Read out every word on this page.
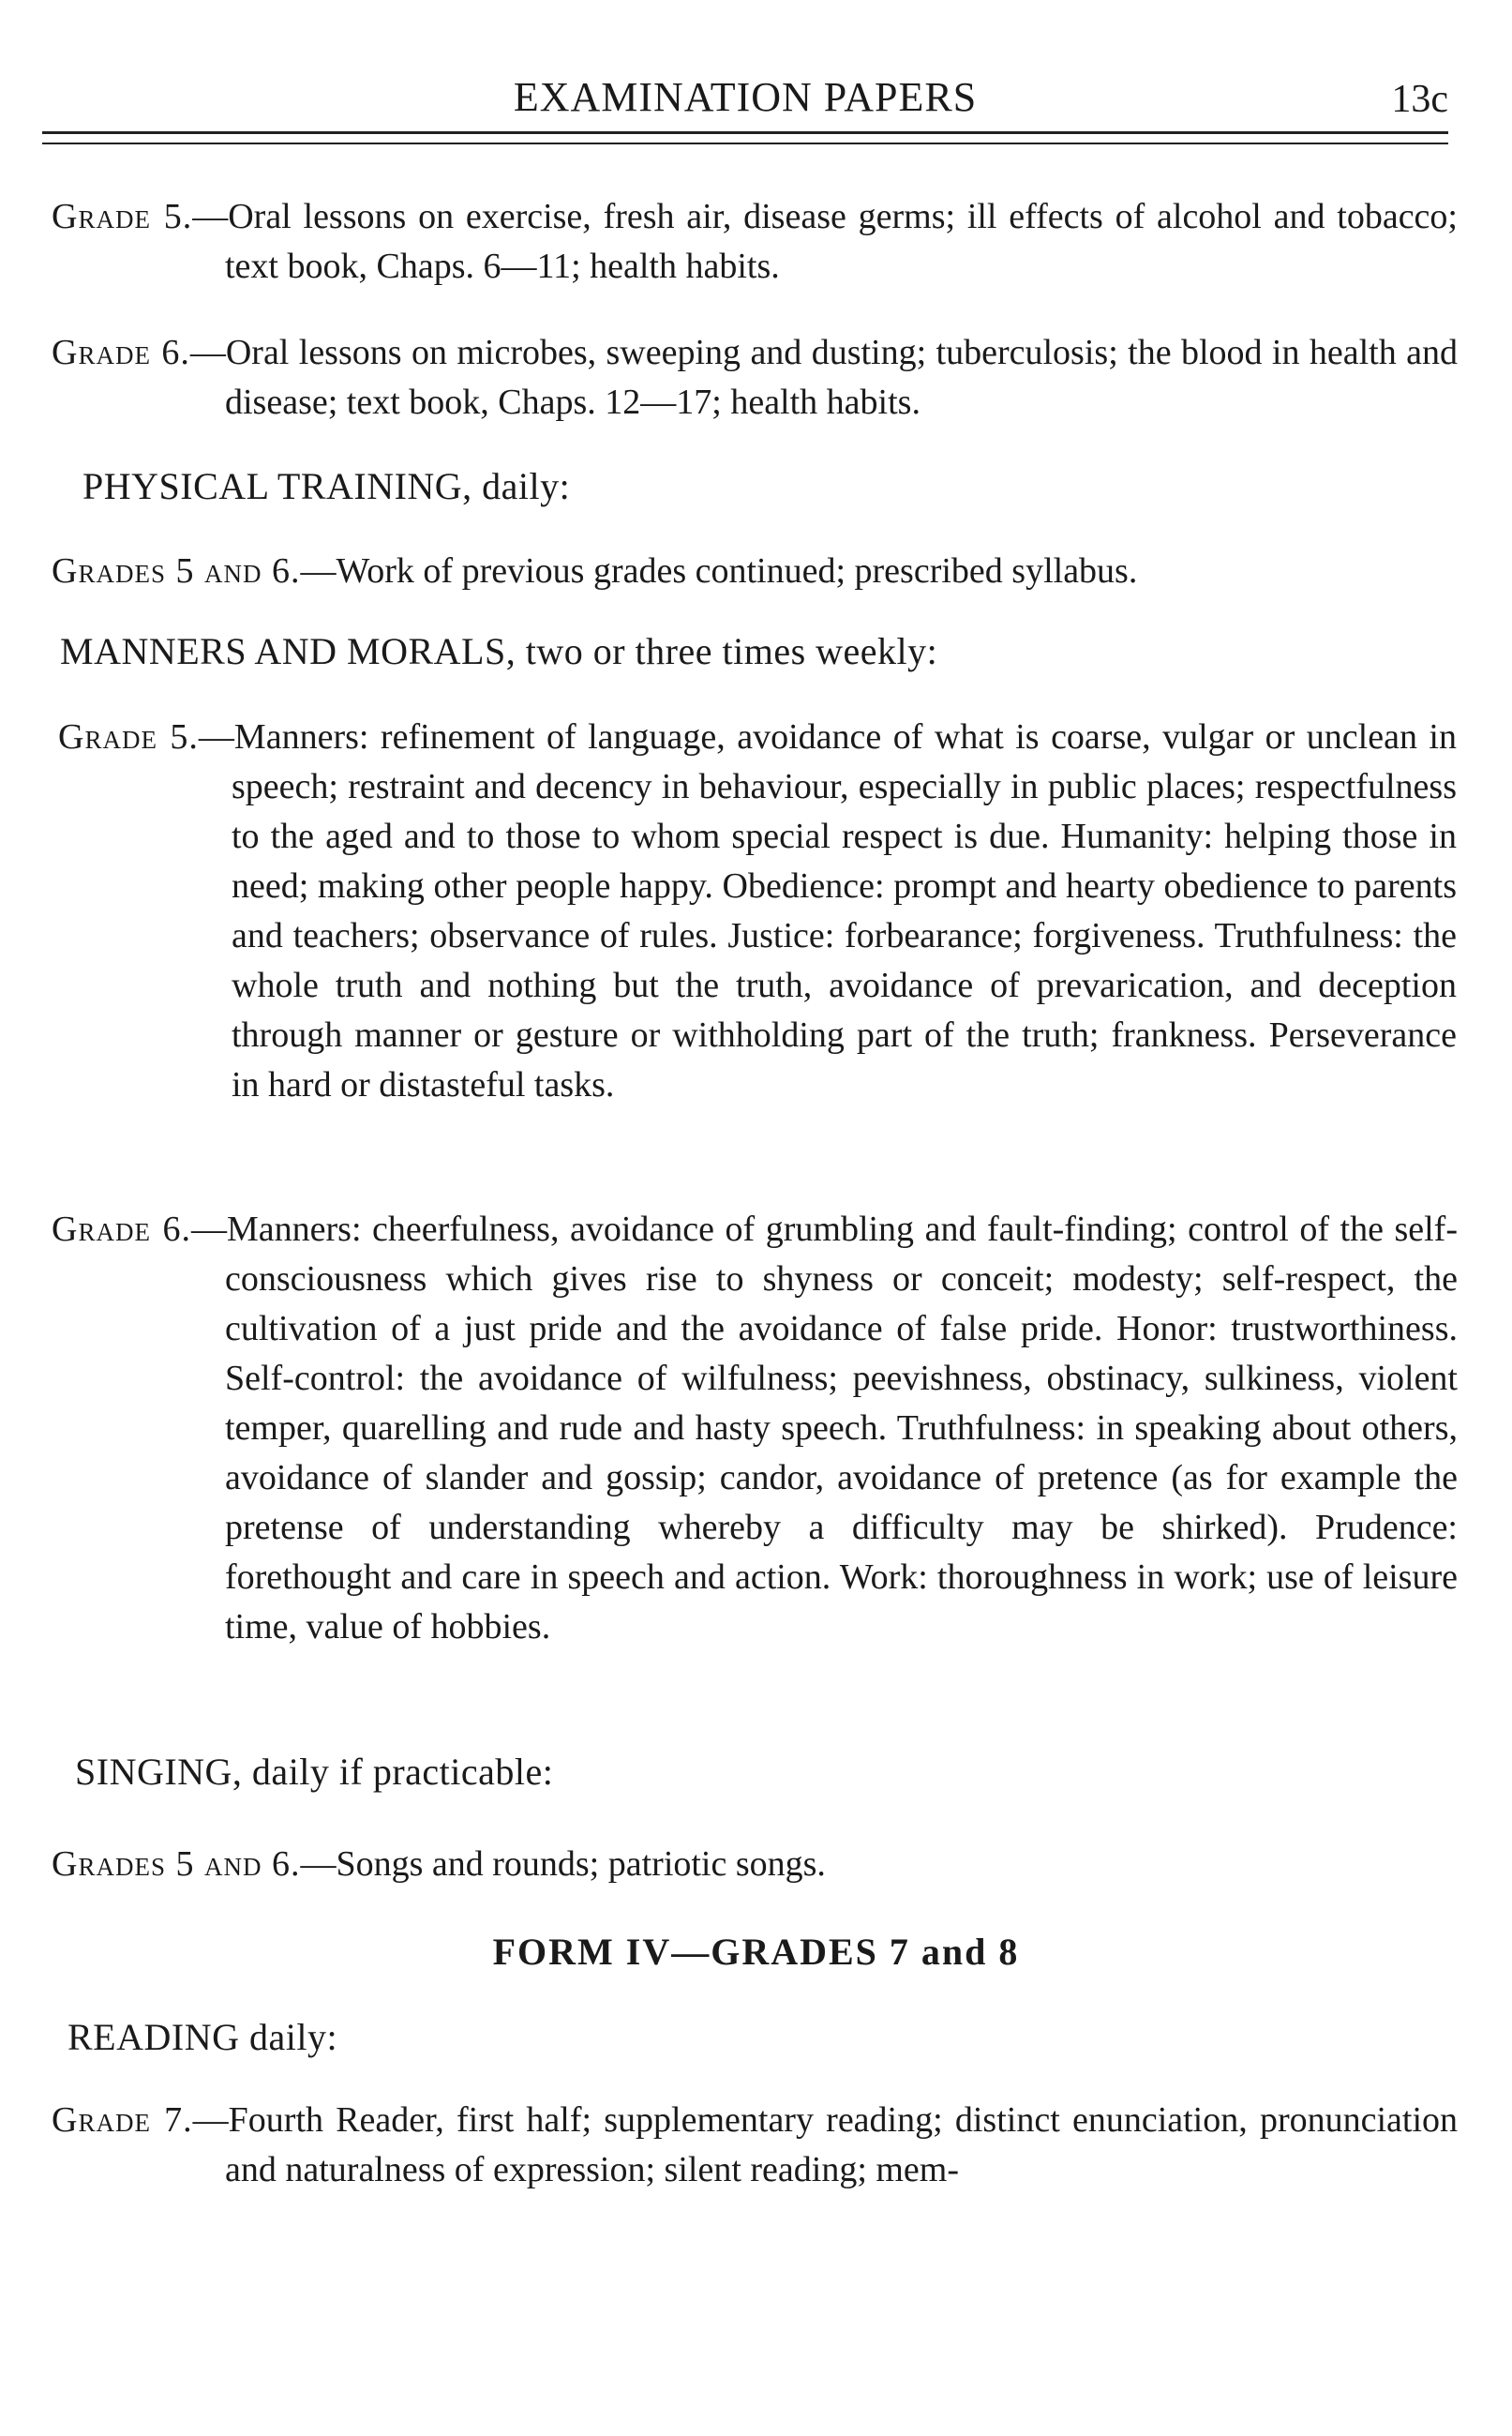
EXAMINATION PAPERS	13c
Grade 5.—Oral lessons on exercise, fresh air, disease germs; ill effects of alcohol and tobacco; text book, Chaps. 6—11; health habits.
Grade 6.—Oral lessons on microbes, sweeping and dusting; tuberculosis; the blood in health and disease; text book, Chaps. 12—17; health habits.
PHYSICAL TRAINING, daily:
Grades 5 and 6.—Work of previous grades continued; prescribed syllabus.
MANNERS AND MORALS, two or three times weekly:
Grade 5.—Manners: refinement of language, avoidance of what is coarse, vulgar or unclean in speech; restraint and decency in behaviour, especially in public places; respectfulness to the aged and to those to whom special respect is due. Humanity: helping those in need; making other people happy. Obedience: prompt and hearty obedience to parents and teachers; observance of rules. Justice: forbearance; forgiveness. Truthfulness: the whole truth and nothing but the truth, avoidance of prevarication, and deception through manner or gesture or withholding part of the truth; frankness. Perseverance in hard or distasteful tasks.
Grade 6.—Manners: cheerfulness, avoidance of grumbling and fault-finding; control of the self-consciousness which gives rise to shyness or conceit; modesty; self-respect, the cultivation of a just pride and the avoidance of false pride. Honor: trustworthiness. Self-control: the avoidance of wilfulness; peevishness, obstinacy, sulkiness, violent temper, quarelling and rude and hasty speech. Truthfulness: in speaking about others, avoidance of slander and gossip; candor, avoidance of pretence (as for example the pretense of understanding whereby a difficulty may be shirked). Prudence: forethought and care in speech and action. Work: thoroughness in work; use of leisure time, value of hobbies.
SINGING, daily if practicable:
Grades 5 and 6.—Songs and rounds; patriotic songs.
FORM IV—GRADES 7 and 8
READING daily:
Grade 7.—Fourth Reader, first half; supplementary reading; distinct enunciation, pronunciation and naturalness of expression; silent reading; mem-
